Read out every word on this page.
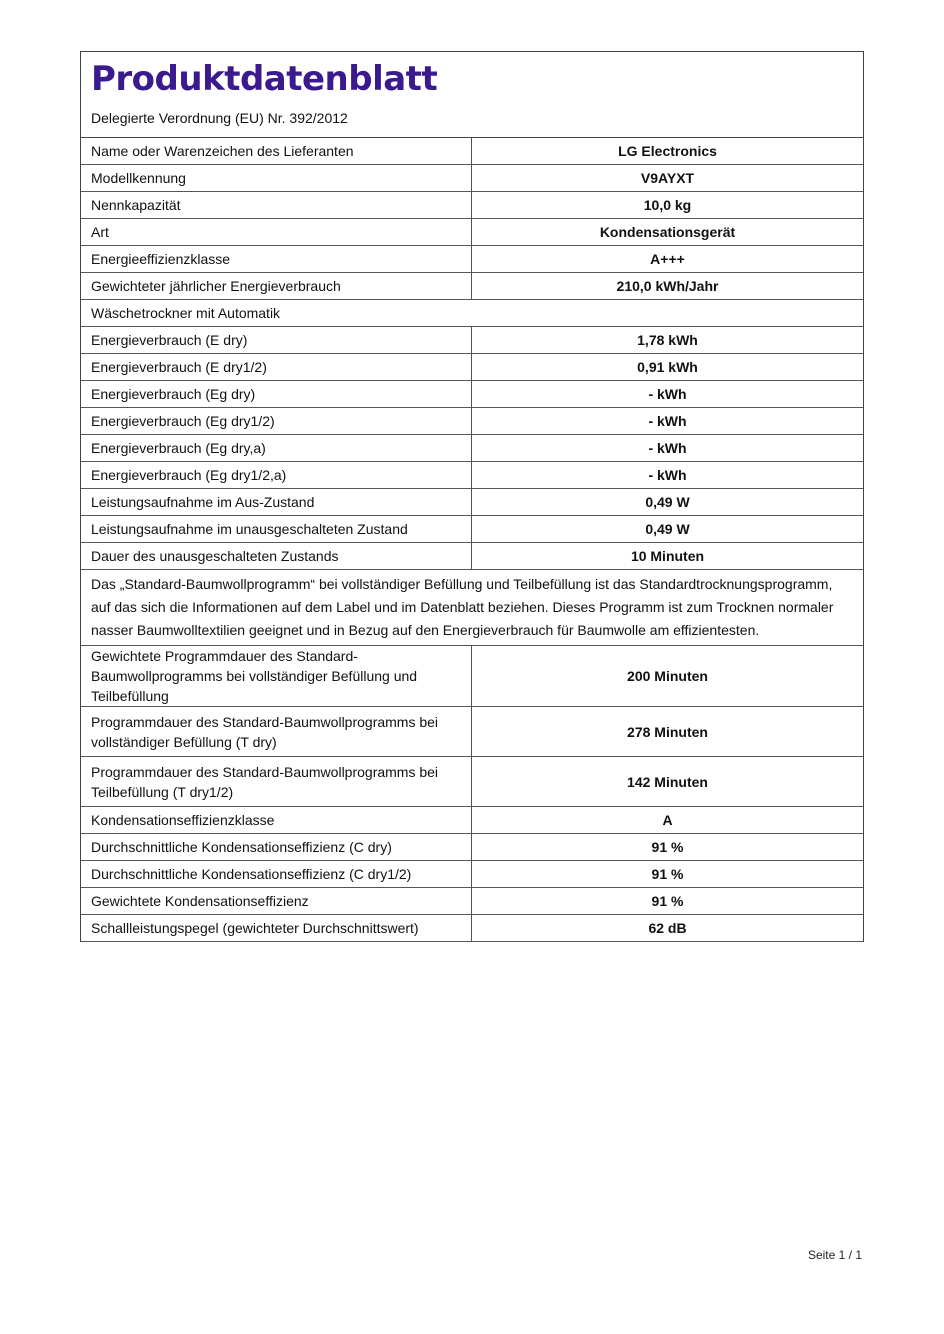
Produktdatenblatt
Delegierte Verordnung (EU) Nr. 392/2012
Name oder Warenzeichen des Lieferanten	LG Electronics
Modellkennung	V9AYXT
Nennkapazität	10,0 kg
Art	Kondensationsgerät
Energieeffizienzklasse	A+++
Gewichteter jährlicher Energieverbrauch	210,0 kWh/Jahr
Wäschetrockner mit Automatik	
Energieverbrauch (E dry)	1,78 kWh
Energieverbrauch (E dry1/2)	0,91 kWh
Energieverbrauch (Eg dry)	- kWh
Energieverbrauch (Eg dry1/2)	- kWh
Energieverbrauch (Eg dry,a)	- kWh
Energieverbrauch (Eg dry1/2,a)	- kWh
Leistungsaufnahme im Aus-Zustand	0,49 W
Leistungsaufnahme im unausgeschalteten Zustand	0,49 W
Dauer des unausgeschalteten Zustands	10 Minuten
Das „Standard-Baumwollprogramm“ bei vollständiger Befüllung und Teilbefüllung ist das Standardtrocknungsprogramm, auf das sich die Informationen auf dem Label und im Datenblatt beziehen. Dieses Programm ist zum Trocknen normaler nasser Baumwolltextilien geeignet und in Bezug auf den Energieverbrauch für Baumwolle am effizientesten.	
Gewichtete Programmdauer des Standard-Baumwollprogramms bei vollständiger Befüllung und Teilbefüllung	200 Minuten
Programmdauer des Standard-Baumwollprogramms bei vollständiger Befüllung (T dry)	278 Minuten
Programmdauer des Standard-Baumwollprogramms bei Teilbefüllung (T dry1/2)	142 Minuten
Kondensationseffizienzklasse	A
Durchschnittliche Kondensationseffizienz (C dry)	91 %
Durchschnittliche Kondensationseffizienz (C dry1/2)	91 %
Gewichtete Kondensationseffizienz	91 %
Schallleistungspegel (gewichteter Durchschnittswert)	62 dB
Seite 1 / 1
